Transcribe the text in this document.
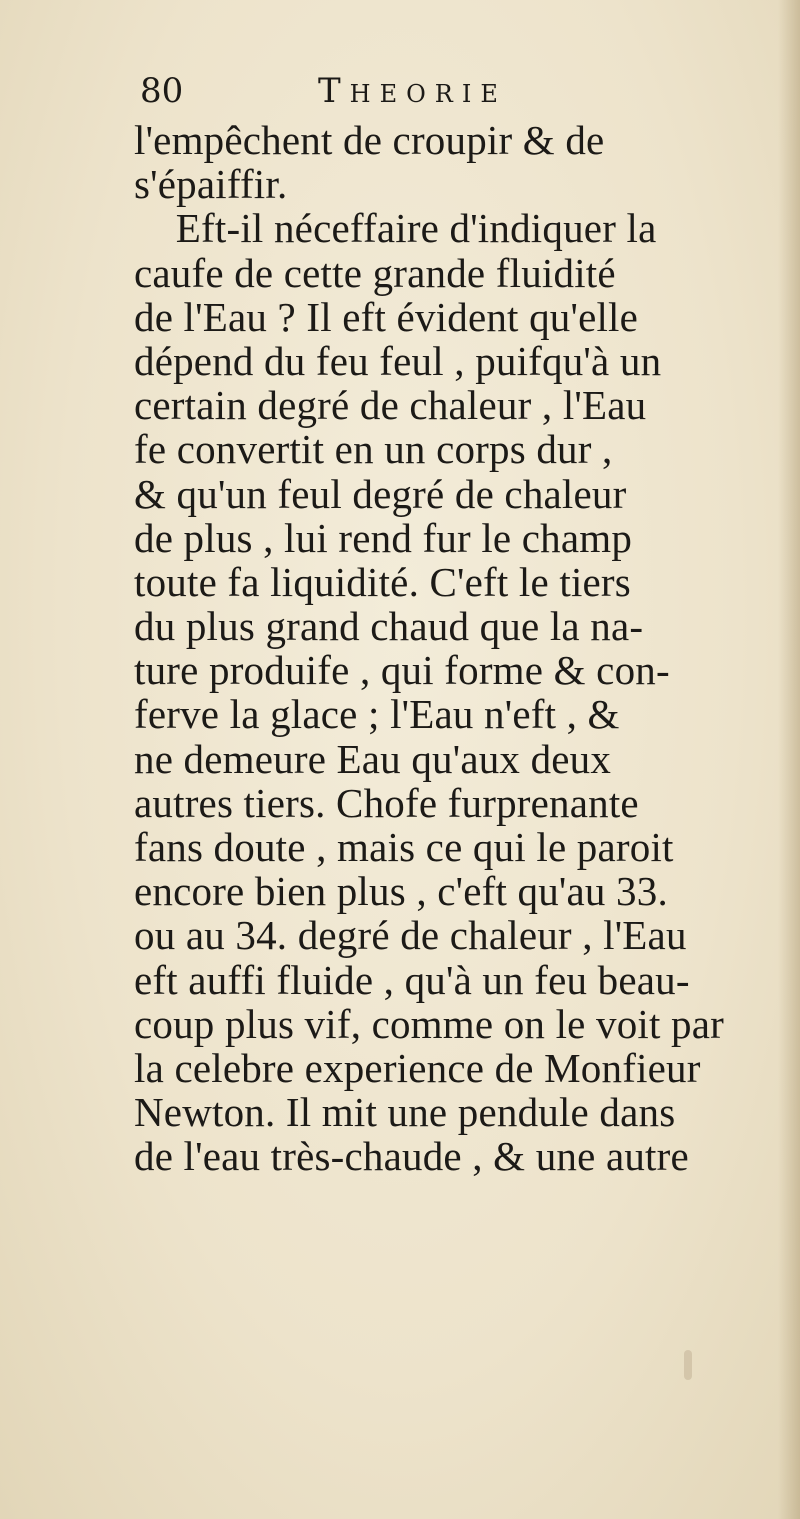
80	Theorie
l'empêchent de croupir & de
s'épaiffir.
Eft-il néceffaire d'indiquer la
caufe de cette grande fluidité
de l'Eau ? Il eft évident qu'elle
dépend du feu feul , puifqu'à un
certain degré de chaleur , l'Eau
fe convertit en un corps dur ,
& qu'un feul degré de chaleur
de plus , lui rend fur le champ
toute fa liquidité. C'eft le tiers
du plus grand chaud que la na-
ture produife , qui forme & con-
ferve la glace ; l'Eau n'eft , &
ne demeure Eau qu'aux deux
autres tiers. Chofe furprenante
fans doute , mais ce qui le paroit
encore bien plus , c'eft qu'au 33.
ou au 34. degré de chaleur , l'Eau
eft auffi fluide , qu'à un feu beau-
coup plus vif, comme on le voit par
la celebre experience de Monfieur
Newton. Il mit une pendule dans
de l'eau très-chaude , & une autre
